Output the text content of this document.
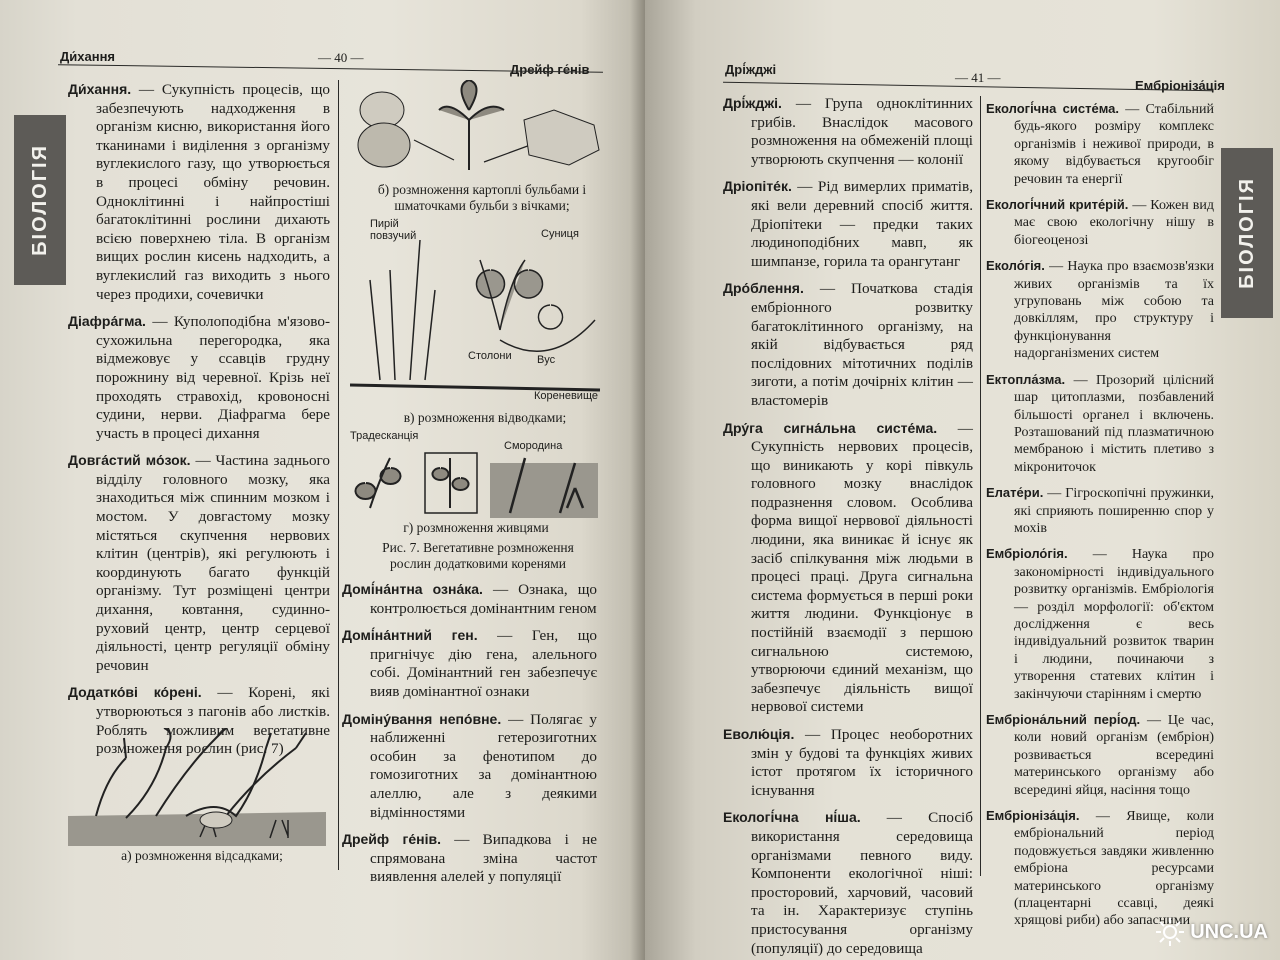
Ди́хання	— 40 —
Дрейф ге́нів
БІОЛОГІЯ

Ди́хання. — Сукупність процесів, що забезпечують надходження в організм кисню, використання його тканинами і виділення з організму вуглекислого газу, що утворюється в процесі обміну речовин. Одноклітинні і найпростіші багатоклітинні рослини дихають всією поверхнею тіла. В організм вищих рослин кисень надходить, а вуглекислий газ виходить з нього через продихи, сочевички

Діафра́гма. — Куполоподібна м'язово-сухожильна перегородка, яка відмежовує у ссавців грудну порожнину від черевної. Крізь неї проходять стравохід, кровоносні судини, нерви. Діафрагма бере участь в процесі дихання

Довга́стий мо́зок. — Частина заднього відділу головного мозку, яка знаходиться між спинним мозком і мостом. У довгастому мозку містяться скупчення нервових клітин (центрів), які регулюють і координують багато функцій організму. Тут розміщені центри дихання, ковтання, судинно-руховий центр, центр серцевої діяльності, центр регуляції обміну речовин

Додатко́ві ко́рені. — Корені, які утворюються з пагонів або листків. Роблять можливим вегетативне розмноження рослин (рис. 7)

а) розмноження відсадками;
б) розмноження картоплі бульбами і шматочками бульби з вічками;
Пирій повзучий	Суниця
Столони Вус
Кореневище
в) розмноження відводками;
Традесканція
Смородина
г) розмноження живцями
Рис. 7. Вегетативне розмноження рослин додатковими коренями

Домі́на́нтна озна́ка. — Ознака, що контролюється домінантним геном

Домі́на́нтний ген. — Ген, що пригнічує дію гена, алельного собі. Домінантний ген забезпечує вияв домінантної ознаки

Доміну́вання непо́вне. — Полягає у наближенні гетерозиготних особин за фенотипом до гомозиготних за домінантною алеллю, але з деякими відмінностями

Дрейф ге́нів. — Випадкова і не спрямована зміна частот виявлення алелей у популяції

Дрі́жджі
— 41 —
Ембріоніза́ція
БІОЛОГІЯ

Дрі́жджі. — Група одноклітинних грибів. Внаслідок масового розмноження на обмеженій площі утворюють скупчення — колонії

Дріопіте́к. — Рід вимерлих приматів, які вели деревний спосіб життя. Дріопітеки — предки таких людиноподібних мавп, як шимпанзе, горила та орангутанг

Дро́блення. — Початкова стадія ембріонного розвитку багатоклітинного організму, на якій відбувається ряд послідовних мітотичних поділів зиготи, а потім дочірніх клітин — властомерів

Дру́га сигна́льна систе́ма. — Сукупність нервових процесів, що виникають у корі півкуль головного мозку внаслідок подразнення словом. Особлива форма вищої нервової діяльності людини, яка виникає й існує як засіб спілкування між людьми в процесі праці. Друга сигнальна система формується в перші роки життя людини. Функціонує в постійній взаємодії з першою сигнальною системою, утворюючи єдиний механізм, що забезпечує діяльність вищої нервової системи

Еволю́ція. — Процес необоротних змін у будові та функціях живих істот протягом їх історичного існування

Екологі́чна ні́ша. — Спосіб використання середовища організмами певного виду. Компоненти екологічної ніші: просторовий, харчовий, часовий та ін. Характеризує ступінь пристосування організму (популяції) до середовища

Екологі́чна систе́ма. — Стабільний будь-якого розміру комплекс організмів і неживої природи, в якому відбувається кругообіг речовин та енергії

Екологі́чний крите́рій. — Кожен вид має свою екологічну нішу в біогеоценозі

Еколо́гія. — Наука про взаємозв'язки живих організмів та їх угруповань між собою та довкіллям, про структуру і функціонування надорганізмених систем

Ектопла́зма. — Прозорий цілісний шар цитоплазми, позбавлений більшості органел і включень. Розташований під плазматичною мембраною і містить плетиво з мікрониточок

Елате́ри. — Гігроскопічні пружинки, які сприяють поширенню спор у мохів

Ембріоло́гія. — Наука про закономірності індивідуального розвитку організмів. Ембріологія — розділ морфології: об'єктом дослідження є весь індивідуальний розвиток тварин і людини, починаючи з утворення статевих клітин і закінчуючи старінням і смертю

Ембріона́льний пері́од. — Це час, коли новий організм (ембріон) розвивається всередині материнського організму або всередині яйця, насіння тощо

Ембріоніза́ція. — Явище, коли ембріональний період подовжується завдяки живленню ембріона ресурсами материнського організму (плацентарні ссавці, деякі хрящові риби) або запасними UNC.UA
